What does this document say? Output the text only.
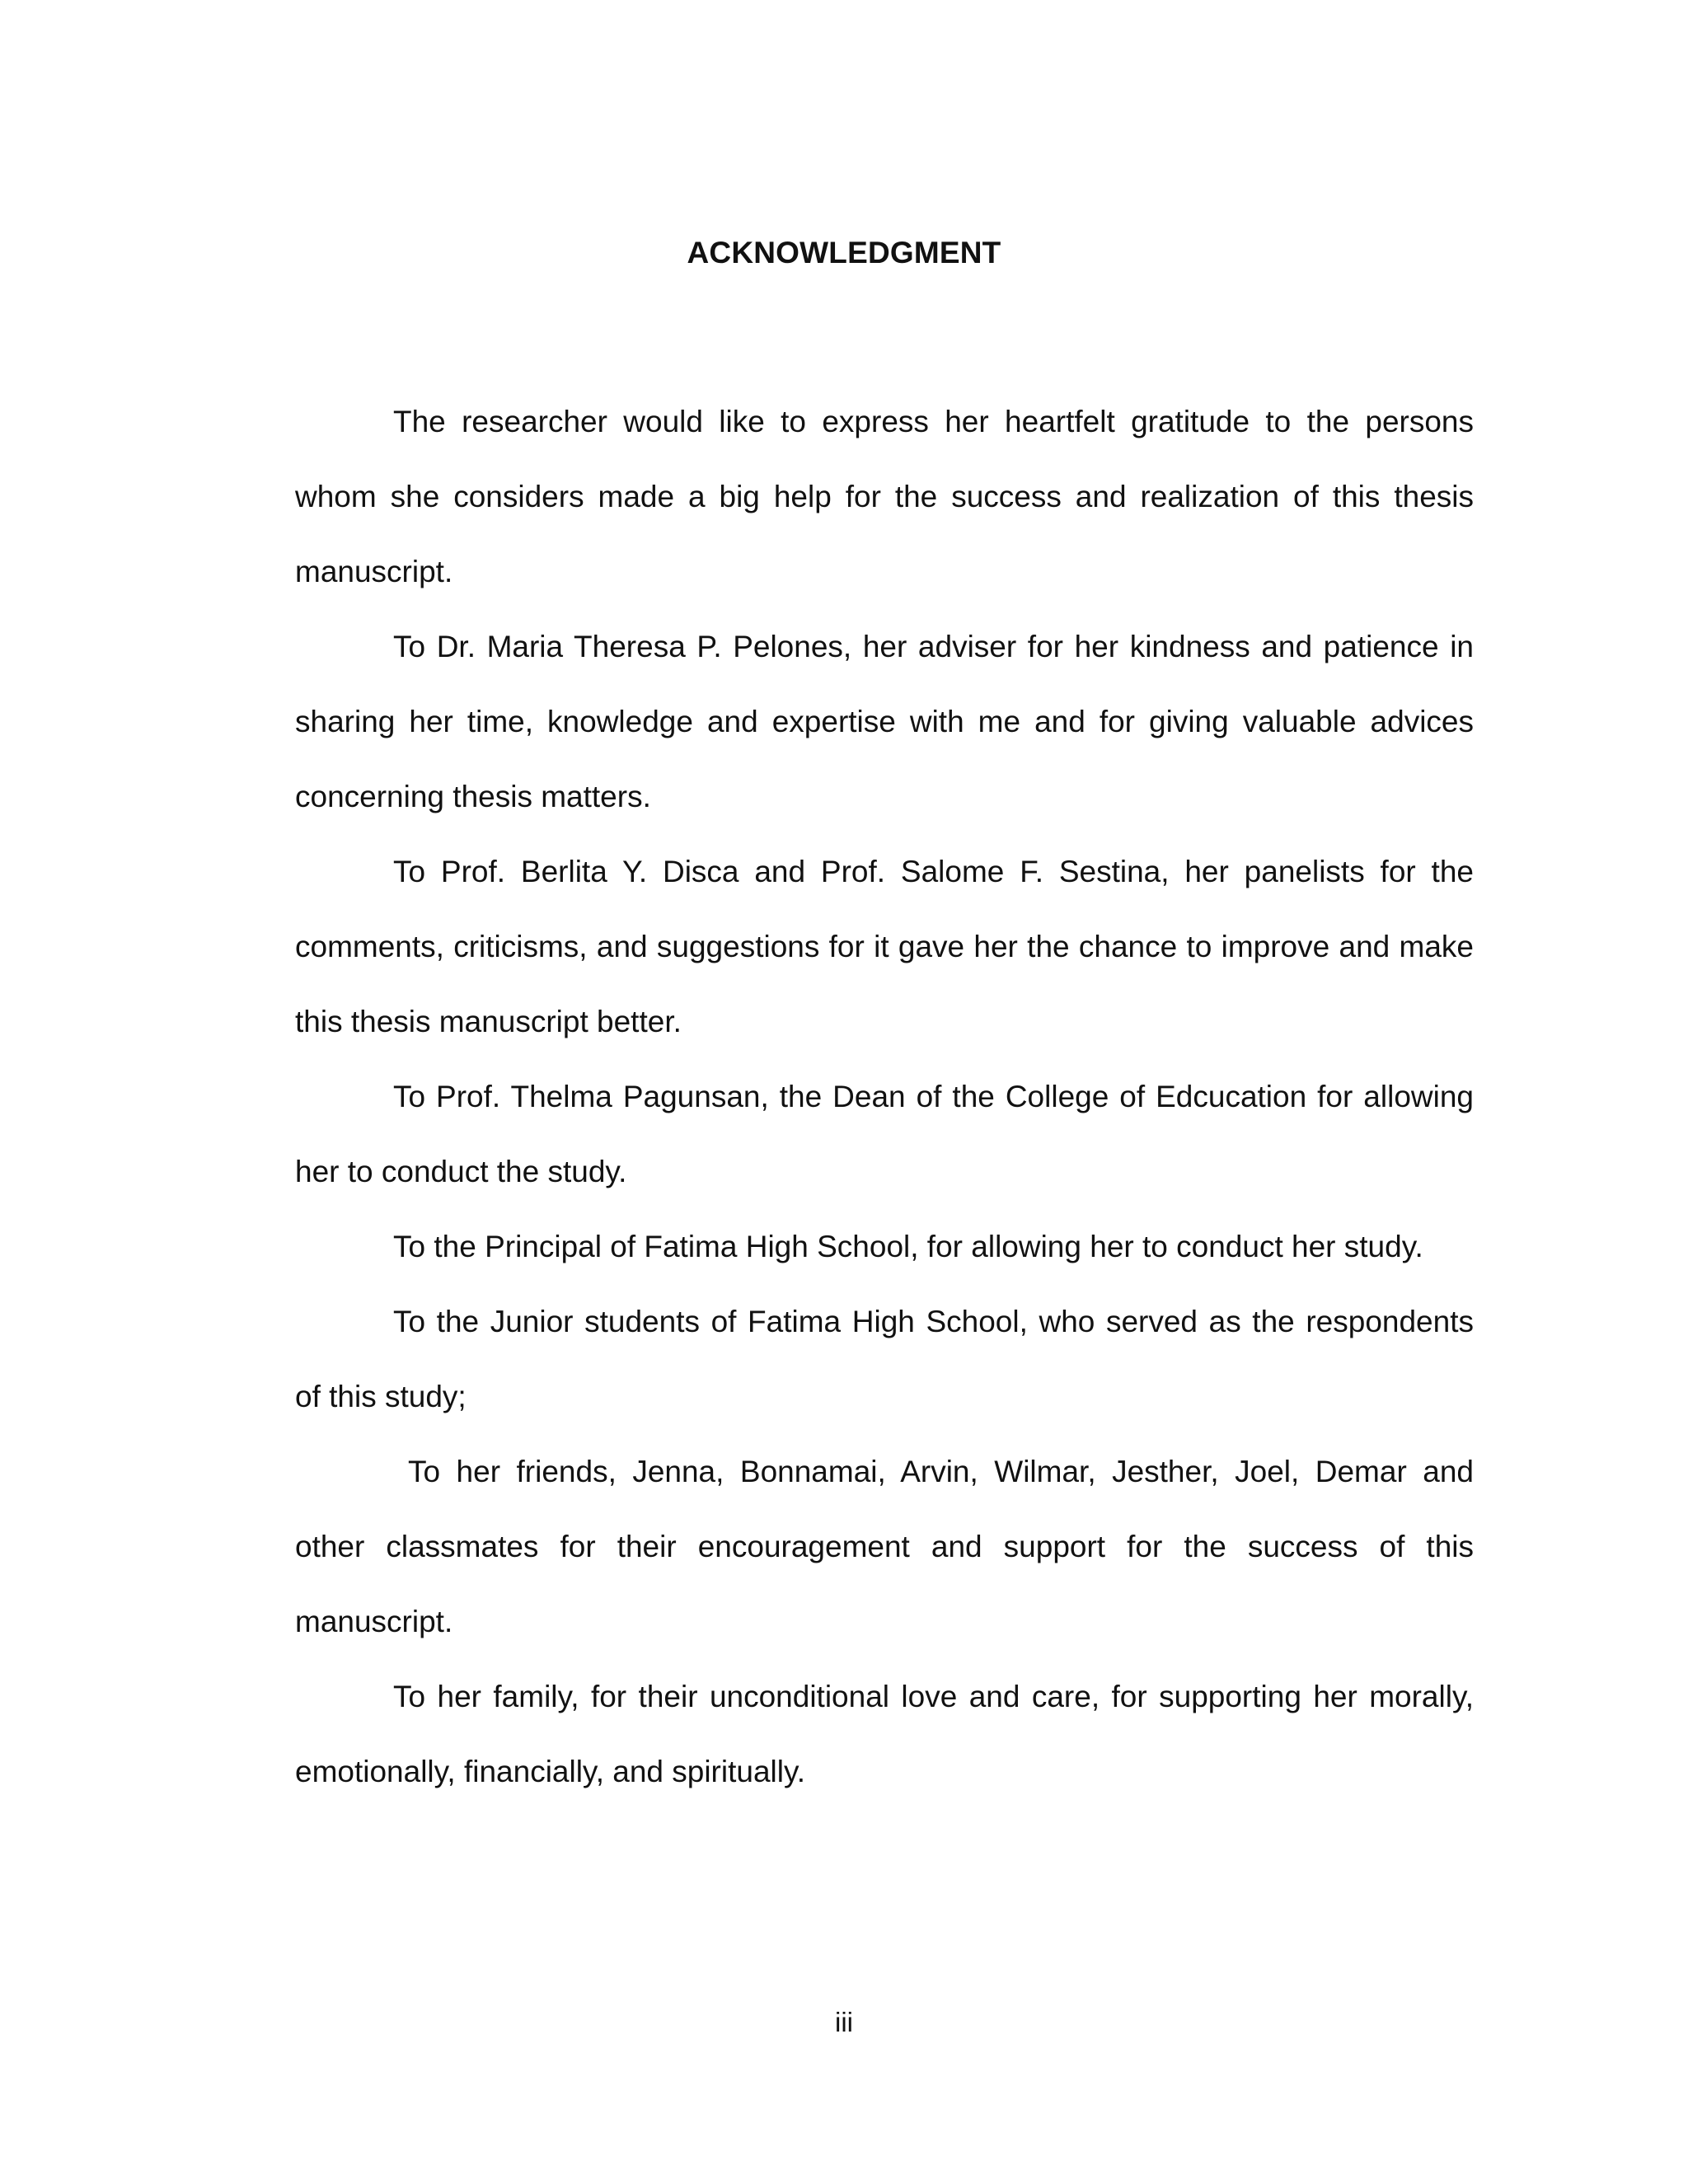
ACKNOWLEDGMENT

The researcher would like to express her heartfelt gratitude to the persons whom she considers made a big help for the success and realization of this thesis manuscript.

To Dr. Maria Theresa P. Pelones, her adviser for her kindness and patience in sharing her time, knowledge and expertise with me and for giving valuable advices concerning thesis matters.

To Prof. Berlita Y. Disca and Prof. Salome F. Sestina, her panelists for the comments, criticisms, and suggestions for it gave her the chance to improve and make this thesis manuscript better.

To Prof. Thelma Pagunsan, the Dean of the College of Edcucation for allowing her to conduct the study.

To the Principal of Fatima High School, for allowing her to conduct her study.

To the Junior students of Fatima High School, who served as the respondents of this study;

To her friends, Jenna, Bonnamai, Arvin, Wilmar, Jesther, Joel, Demar and other classmates for their encouragement and support for the success of this manuscript.

To her family, for their unconditional love and care, for supporting her morally, emotionally, financially, and spiritually.

iii
